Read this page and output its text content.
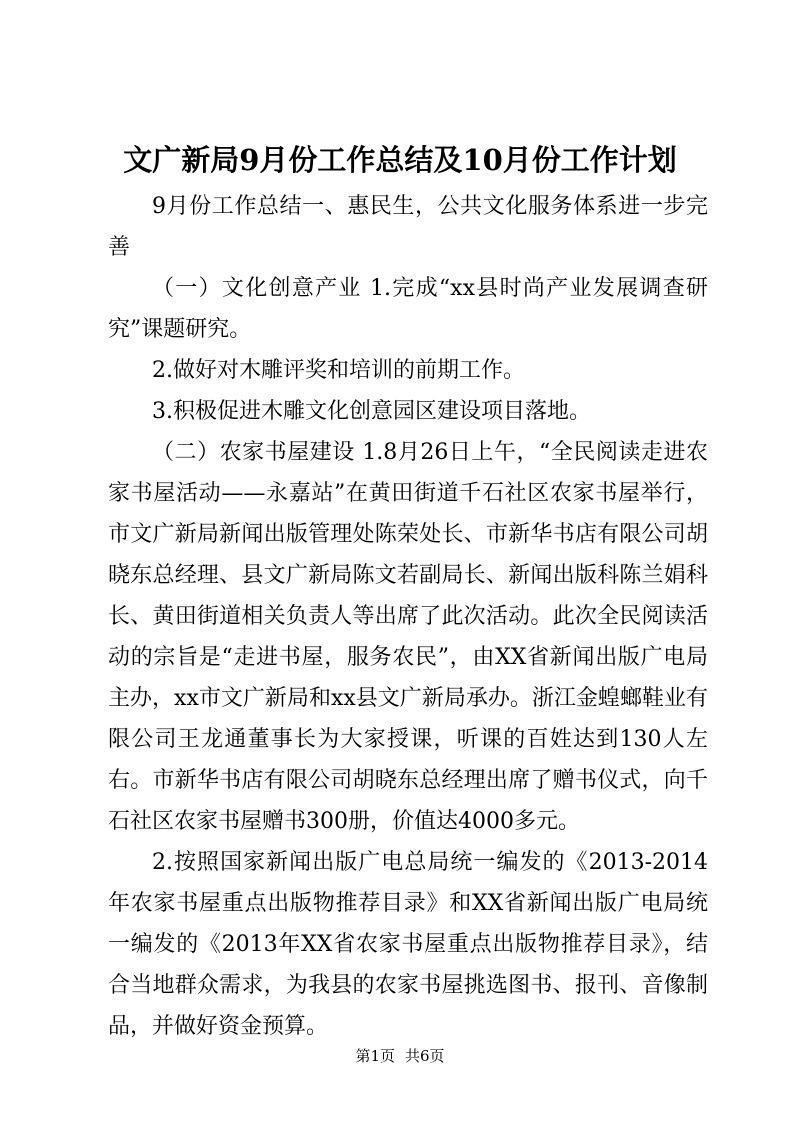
文广新局9月份工作总结及10月份工作计划

9月份工作总结一、惠民生，公共文化服务体系进一步完善

（一）文化创意产业 1.完成“xx县时尚产业发展调查研究”课题研究。

2.做好对木雕评奖和培训的前期工作。

3.积极促进木雕文化创意园区建设项目落地。

（二）农家书屋建设 1.8月26日上午，“全民阅读走进农家书屋活动——永嘉站”在黄田街道千石社区农家书屋举行，市文广新局新闻出版管理处陈荣处长、市新华书店有限公司胡晓东总经理、县文广新局陈文若副局长、新闻出版科陈兰娟科长、黄田街道相关负责人等出席了此次活动。此次全民阅读活动的宗旨是“走进书屋，服务农民”，由XX省新闻出版广电局主办，xx市文广新局和xx县文广新局承办。浙江金蝗螂鞋业有限公司王龙通董事长为大家授课，听课的百姓达到130人左右。市新华书店有限公司胡晓东总经理出席了赠书仪式，向千石社区农家书屋赠书300册，价值达4000多元。

2.按照国家新闻出版广电总局统一编发的《2013-2014年农家书屋重点出版物推荐目录》和XX省新闻出版广电局统一编发的《2013年XX省农家书屋重点出版物推荐目录》，结合当地群众需求，为我县的农家书屋挑选图书、报刊、音像制品，并做好资金预算。

第1页 共6页
